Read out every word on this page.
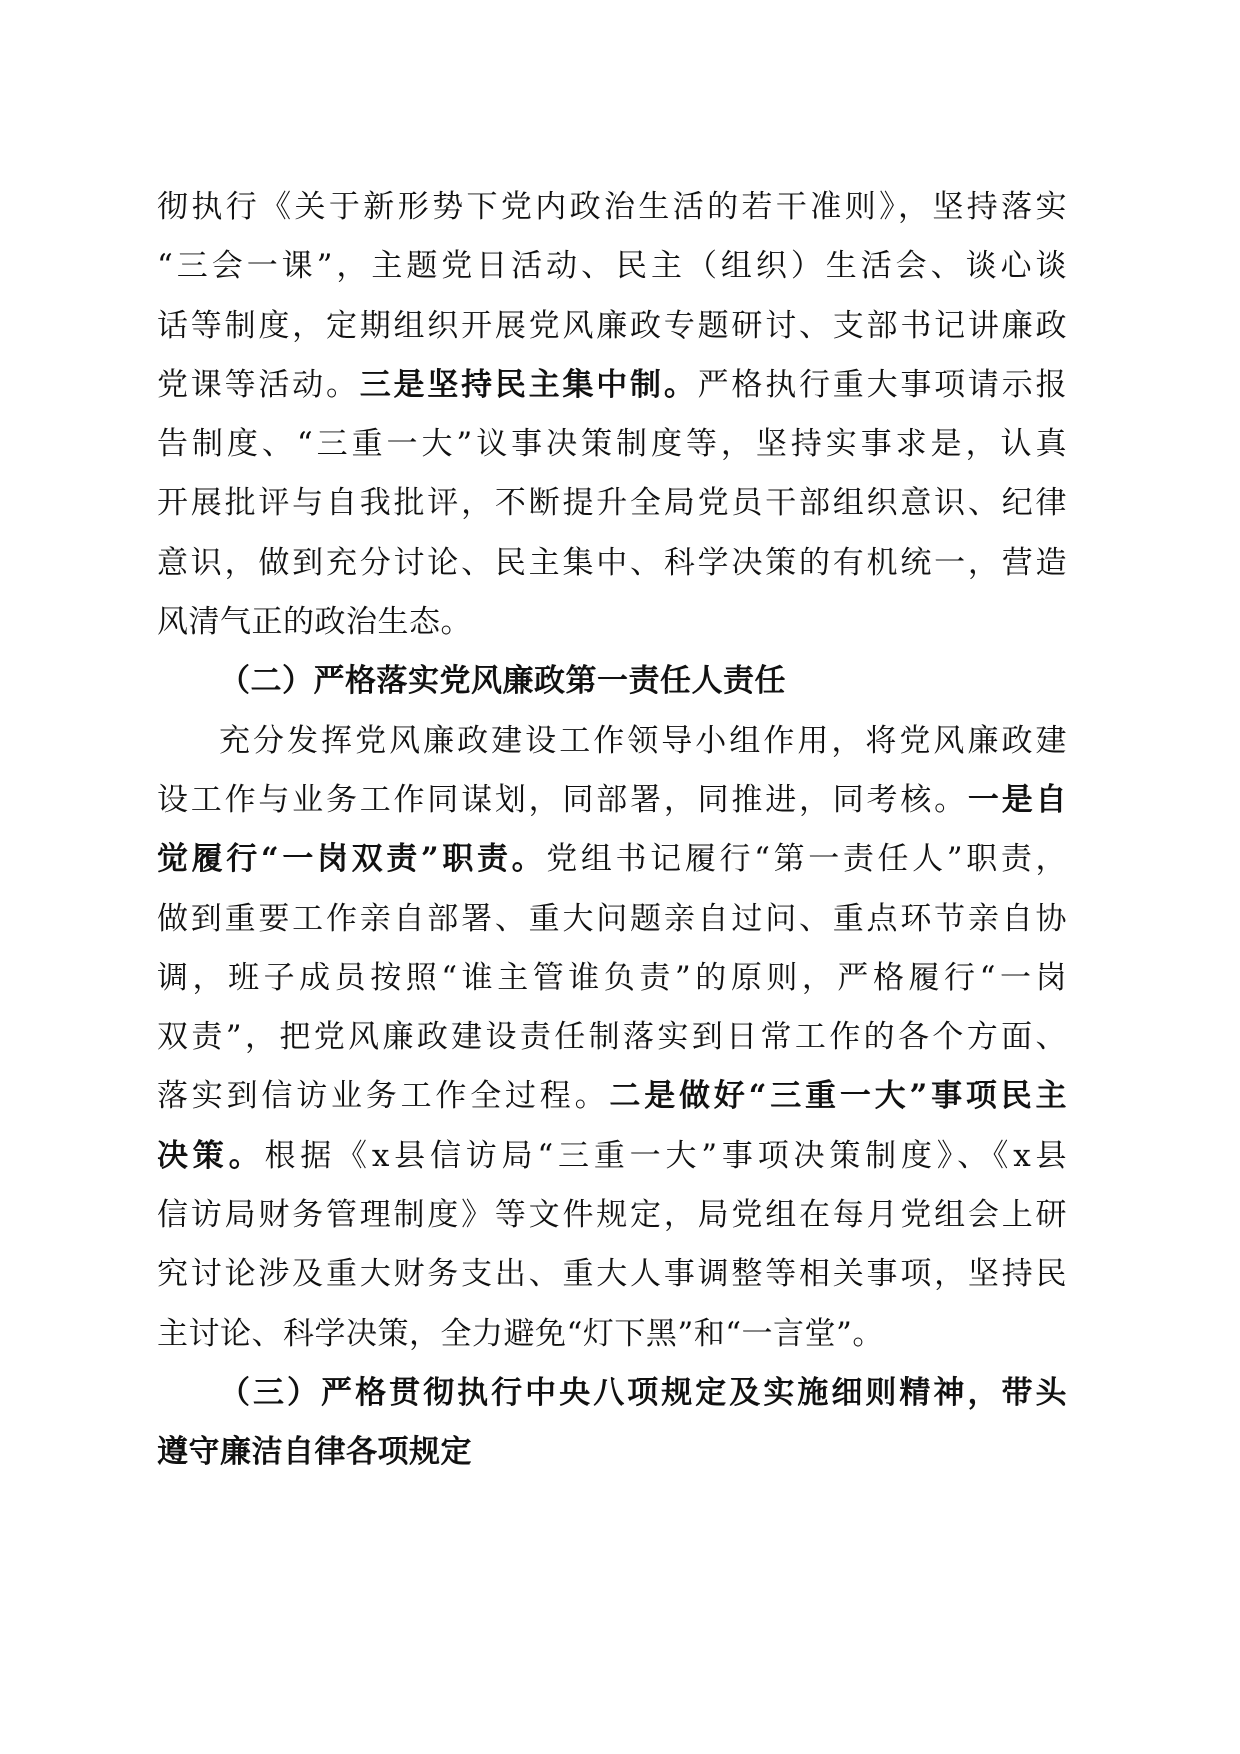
彻执行《关于新形势下党内政治生活的若干准则》，坚持落实
“三会一课”，主题党日活动、民主（组织）生活会、谈心谈
话等制度，定期组织开展党风廉政专题研讨、支部书记讲廉政
党课等活动。三是坚持民主集中制。严格执行重大事项请示报
告制度、“三重一大”议事决策制度等，坚持实事求是，认真
开展批评与自我批评，不断提升全局党员干部组织意识、纪律
意识，做到充分讨论、民主集中、科学决策的有机统一，营造
风清气正的政治生态。
（二）严格落实党风廉政第一责任人责任
充分发挥党风廉政建设工作领导小组作用，将党风廉政建
设工作与业务工作同谋划，同部署，同推进，同考核。一是自
觉履行“一岗双责”职责。党组书记履行“第一责任人”职责，
做到重要工作亲自部署、重大问题亲自过问、重点环节亲自协
调，班子成员按照“谁主管谁负责”的原则，严格履行“一岗
双责”，把党风廉政建设责任制落实到日常工作的各个方面、
落实到信访业务工作全过程。二是做好“三重一大”事项民主
决策。根据《x县信访局“三重一大”事项决策制度》、《x县
信访局财务管理制度》等文件规定，局党组在每月党组会上研
究讨论涉及重大财务支出、重大人事调整等相关事项，坚持民
主讨论、科学决策，全力避免“灯下黑”和“一言堂”。
（三）严格贯彻执行中央八项规定及实施细则精神，带头
遵守廉洁自律各项规定
